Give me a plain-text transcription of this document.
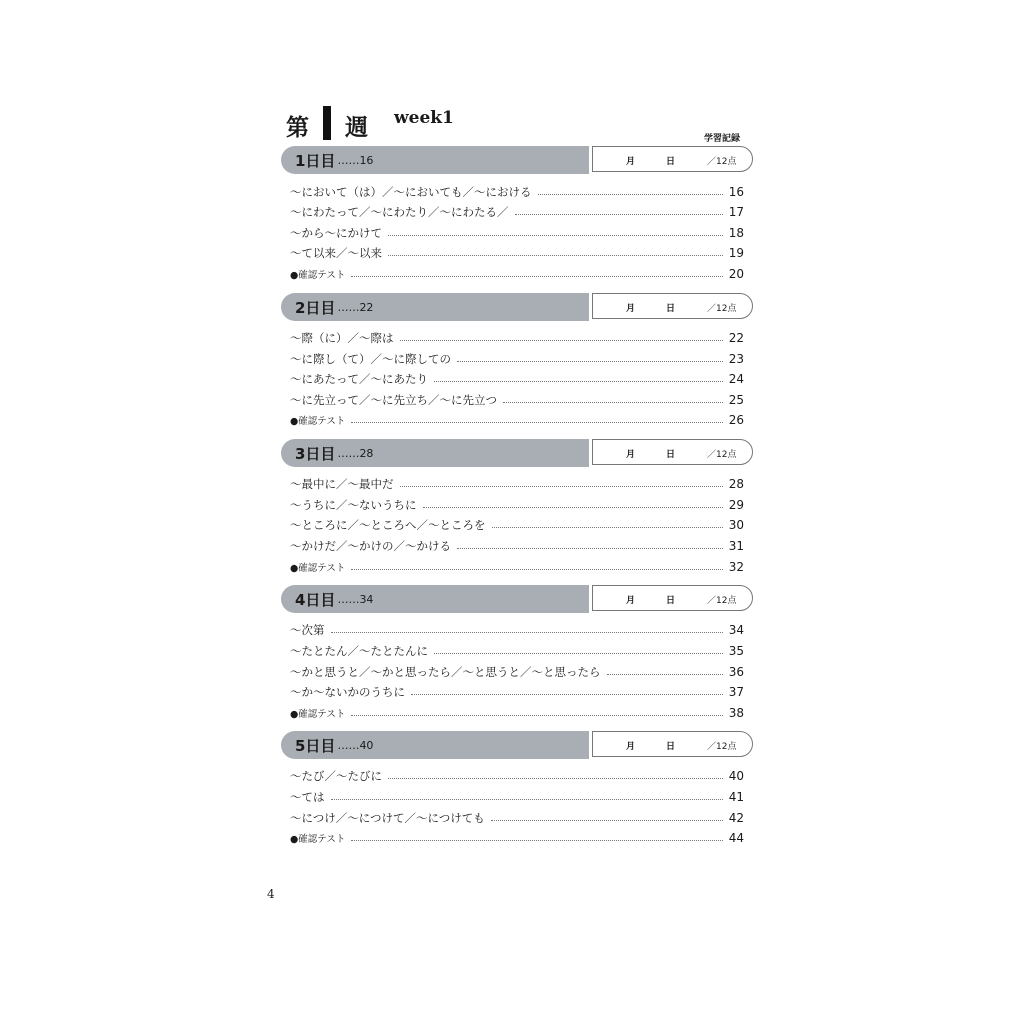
第 週 week1
学習記録
1日目 ……16	月	日	／12点
〜において（は）／〜においても／〜における	16
〜にわたって／〜にわたり／〜にわたる／	17
〜から〜にかけて	18
〜て以来／〜以来	19
●確認テスト	20
2日目 ……22	月	日	／12点
〜際（に）／〜際は	22
〜に際し（て）／〜に際しての	23
〜にあたって／〜にあたり	24
〜に先立って／〜に先立ち／〜に先立つ	25
●確認テスト	26
3日目 ……28	月	日	／12点
〜最中に／〜最中だ	28
〜うちに／〜ないうちに	29
〜ところに／〜ところへ／〜ところを	30
〜かけだ／〜かけの／〜かける	31
●確認テスト	32
4日目 ……34	月	日	／12点
〜次第	34
〜たとたん／〜たとたんに	35
〜かと思うと／〜かと思ったら／〜と思うと／〜と思ったら	36
〜か〜ないかのうちに	37
●確認テスト	38
5日目 ……40	月	日	／12点
〜たび／〜たびに	40
〜ては	41
〜につけ／〜につけて／〜につけても	42
●確認テスト	44
4
